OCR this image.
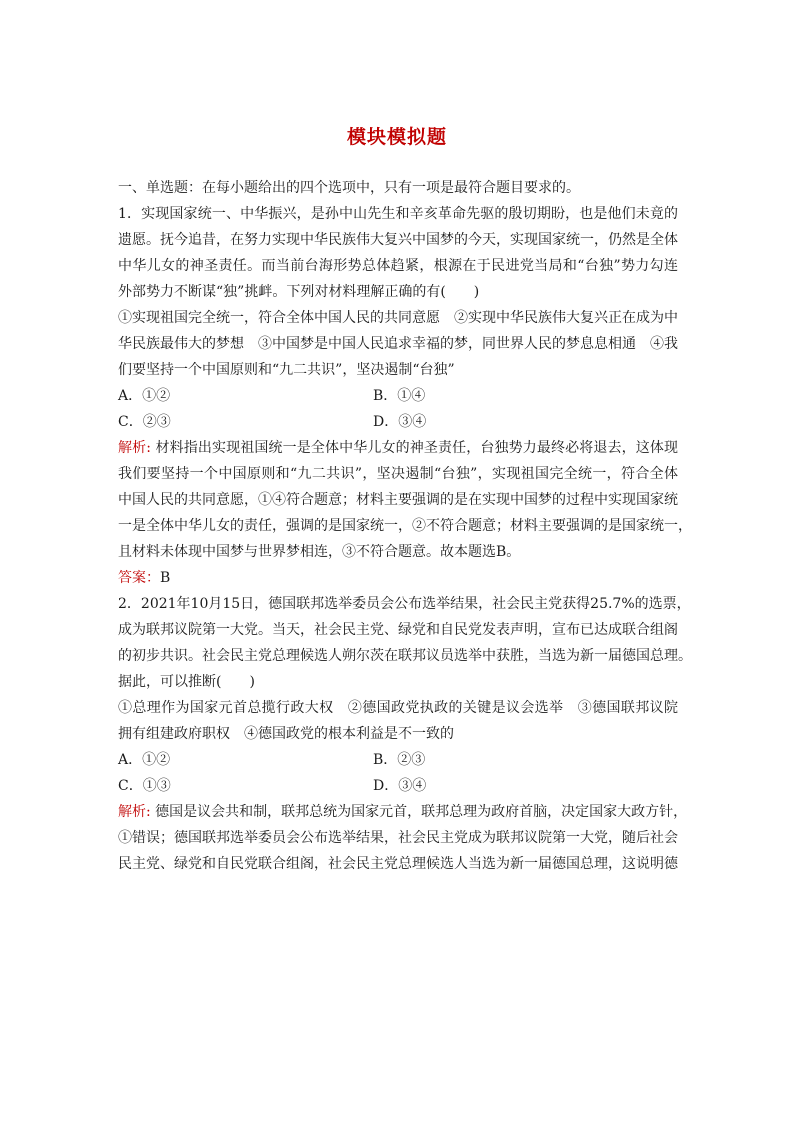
模块模拟题
一、单选题：在每小题给出的四个选项中，只有一项是最符合题目要求的。
1．实现国家统一、中华振兴，是孙中山先生和辛亥革命先驱的殷切期盼，也是他们未竟的
遗愿。抚今追昔，在努力实现中华民族伟大复兴中国梦的今天，实现国家统一，仍然是全体
中华儿女的神圣责任。而当前台海形势总体趋紧，根源在于民进党当局和“台独”势力勾连
外部势力不断谋“独”挑衅。下列对材料理解正确的有(　　)
①实现祖国完全统一，符合全体中国人民的共同意愿　②实现中华民族伟大复兴正在成为中
华民族最伟大的梦想　③中国梦是中国人民追求幸福的梦，同世界人民的梦息息相通　④我
们要坚持一个中国原则和“九二共识”，坚决遏制“台独”
A．①②	B．①④
C．②③	D．③④
解析: 材料指出实现祖国统一是全体中华儿女的神圣责任，台独势力最终必将退去，这体现
我们要坚持一个中国原则和“九二共识”，坚决遏制“台独”，实现祖国完全统一，符合全体
中国人民的共同意愿，①④符合题意；材料主要强调的是在实现中国梦的过程中实现国家统
一是全体中华儿女的责任，强调的是国家统一，②不符合题意；材料主要强调的是国家统一，
且材料未体现中国梦与世界梦相连，③不符合题意。故本题选B。
答案：B
2．2021年10月15日，德国联邦选举委员会公布选举结果，社会民主党获得25.7%的选票，
成为联邦议院第一大党。当天，社会民主党、绿党和自民党发表声明，宣布已达成联合组阁
的初步共识。社会民主党总理候选人朔尔茨在联邦议员选举中获胜，当选为新一届德国总理。
据此，可以推断(　　)
①总理作为国家元首总揽行政大权　②德国政党执政的关键是议会选举　③德国联邦议院
拥有组建政府职权　④德国政党的根本利益是不一致的
A．①②	B．②③
C．①③	D．③④
解析: 德国是议会共和制，联邦总统为国家元首，联邦总理为政府首脑，决定国家大政方针，
①错误；德国联邦选举委员会公布选举结果，社会民主党成为联邦议院第一大党，随后社会
民主党、绿党和自民党联合组阁，社会民主党总理候选人当选为新一届德国总理，这说明德
